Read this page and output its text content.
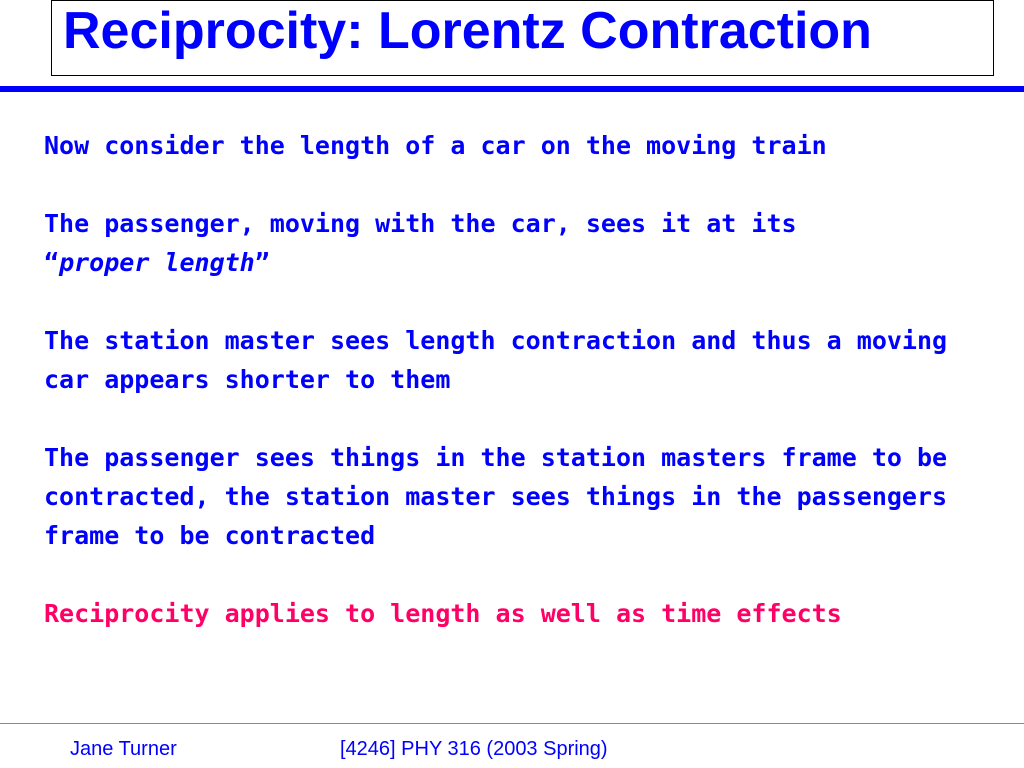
Reciprocity: Lorentz Contraction
Now consider the length of a car on the moving train
The passenger, moving with the car, sees it at its
“proper length”
The station master sees length contraction and thus a moving car appears shorter to them
The passenger sees things in the station masters frame to be contracted, the station master sees things in the passengers frame to be contracted
Reciprocity applies to length as well as time effects
Jane Turner	[4246] PHY 316 (2003 Spring)
